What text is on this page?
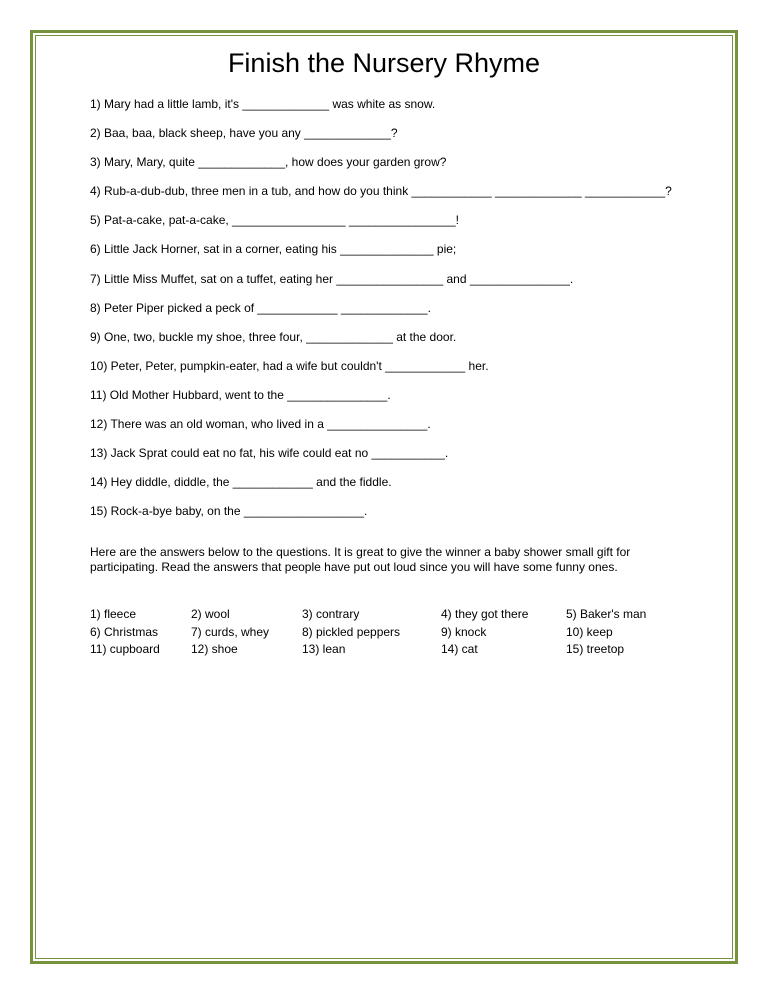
Finish the Nursery Rhyme
1) Mary had a little lamb, it's _____________ was white as snow.
2) Baa, baa, black sheep, have you any _____________?
3) Mary, Mary, quite _____________, how does your garden grow?
4) Rub-a-dub-dub, three men in a tub, and how do you think ____________ _____________ ____________?
5) Pat-a-cake, pat-a-cake, _________________ ________________!
6) Little Jack Horner, sat in a corner, eating his ______________ pie;
7) Little Miss Muffet, sat on a tuffet, eating her ________________ and _______________.
8) Peter Piper picked a peck of ____________ _____________.
9) One, two, buckle my shoe, three four, _____________ at the door.
10) Peter, Peter, pumpkin-eater, had a wife but couldn't ____________ her.
11) Old Mother Hubbard, went to the _______________.
12) There was an old woman, who lived in a _______________.
13) Jack Sprat could eat no fat, his wife could eat no ___________.
14) Hey diddle, diddle, the ____________ and the fiddle.
15) Rock-a-bye baby, on the __________________.
Here are the answers below to the questions. It is great to give the winner a baby shower small gift for participating. Read the answers that people have put out loud since you will have some funny ones.
1) fleece	2) wool	3) contrary	4) they got there	5) Baker's man
6) Christmas	7) curds, whey	8) pickled peppers	9) knock	10) keep
11) cupboard	12) shoe	13) lean	14) cat	15) treetop
